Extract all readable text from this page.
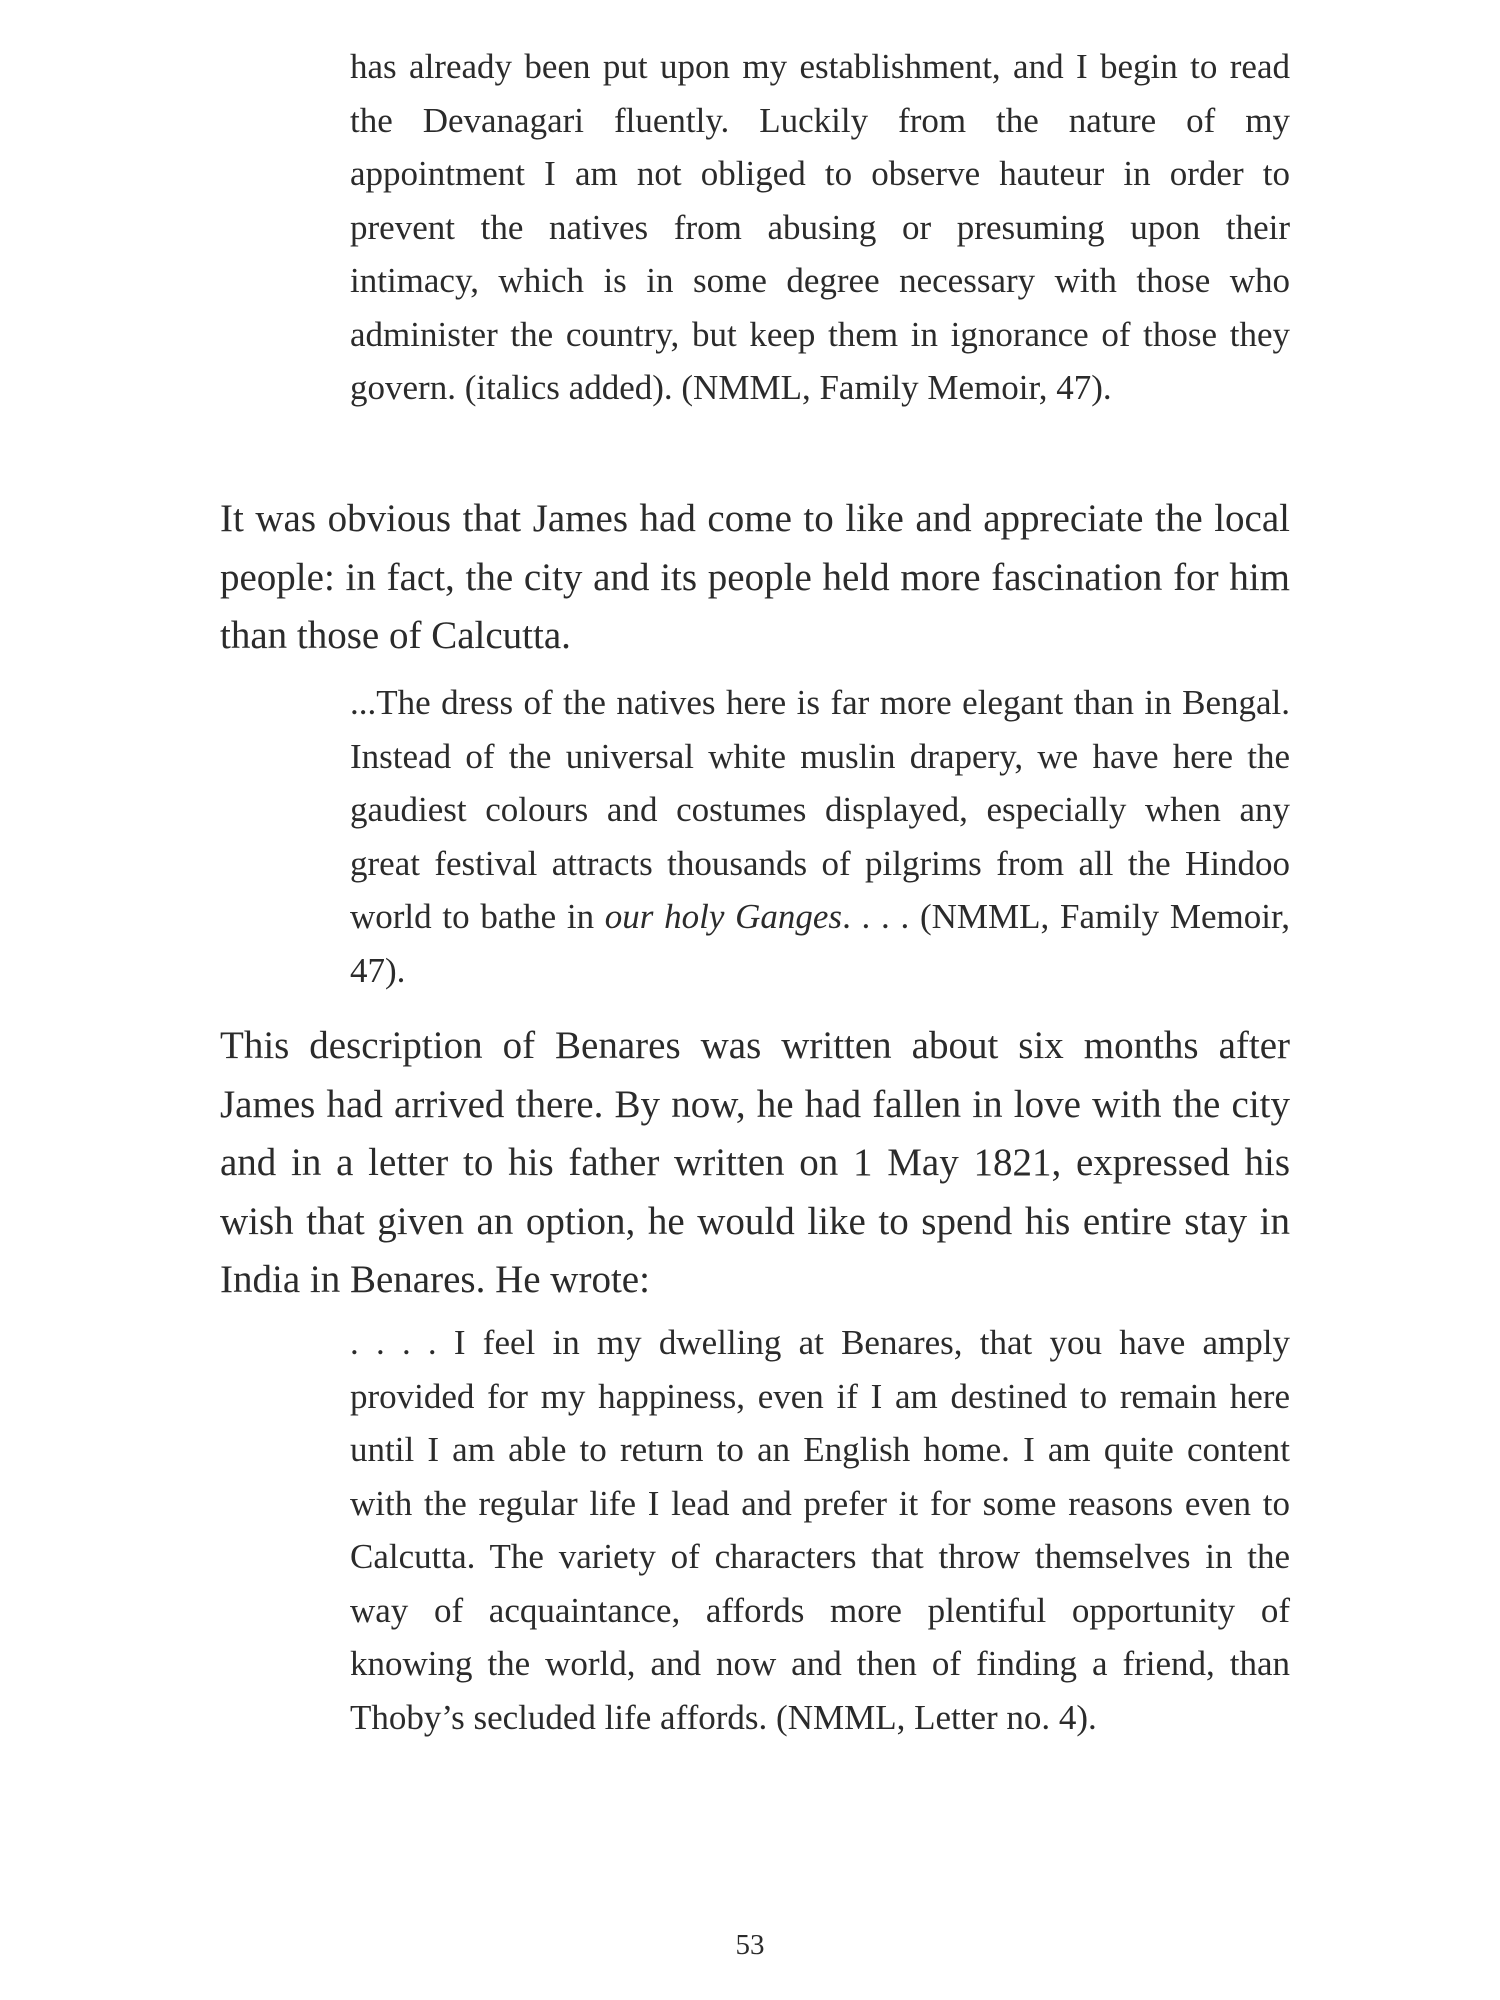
has already been put upon my establishment, and I begin to read the Devanagari fluently. Luckily from the nature of my appointment I am not obliged to observe hauteur in order to prevent the natives from abusing or presuming upon their intimacy, which is in some degree necessary with those who administer the country, but keep them in ignorance of those they govern. (italics added). (NMML, Family Memoir, 47).

It was obvious that James had come to like and appreciate the local people: in fact, the city and its people held more fascination for him than those of Calcutta.

...The dress of the natives here is far more elegant than in Bengal. Instead of the universal white muslin drapery, we have here the gaudiest colours and costumes displayed, especially when any great festival attracts thousands of pilgrims from all the Hindoo world to bathe in our holy Ganges. . . . (NMML, Family Memoir, 47).

This description of Benares was written about six months after James had arrived there. By now, he had fallen in love with the city and in a letter to his father written on 1 May 1821, expressed his wish that given an option, he would like to spend his entire stay in India in Benares. He wrote:

. . . . I feel in my dwelling at Benares, that you have amply provided for my happiness, even if I am destined to remain here until I am able to return to an English home. I am quite content with the regular life I lead and prefer it for some reasons even to Calcutta. The variety of characters that throw themselves in the way of acquaintance, affords more plentiful opportunity of knowing the world, and now and then of finding a friend, than Thoby’s secluded life affords. (NMML, Letter no. 4).

53
